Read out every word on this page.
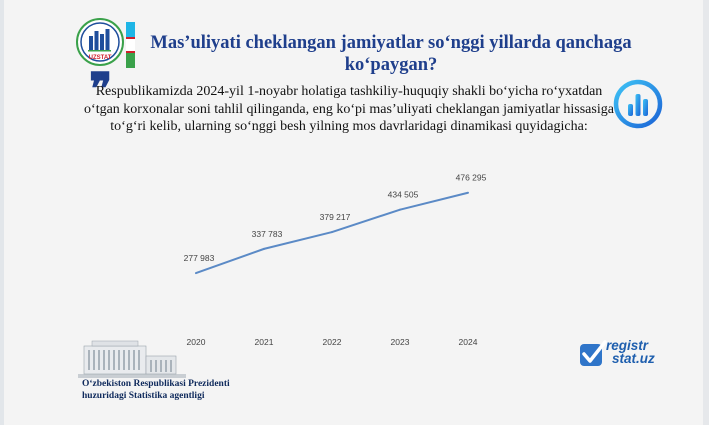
UZSTAT
Mas’uliyati cheklangan jamiyatlar so‘nggi yillarda qanchaga ko‘paygan?
❜❜
Respublikamizda 2024-yil 1-noyabr holatiga tashkiliy-huquqiy shakli bo‘yicha ro‘yxatdan o‘tgan korxonalar soni tahlil qilinganda, eng ko‘pi mas’uliyati cheklangan jamiyatlar hissasiga to‘g‘ri kelib, ularning so‘nggi besh yilning mos davrlaridagi dinamikasi quyidagicha:
277 983
337 783
379 217
434 505
476 295
2020	2021	2022	2023	2024
O‘zbekiston Respublikasi Prezidenti
huzuridagi Statistika agentligi
registr
stat.uz
